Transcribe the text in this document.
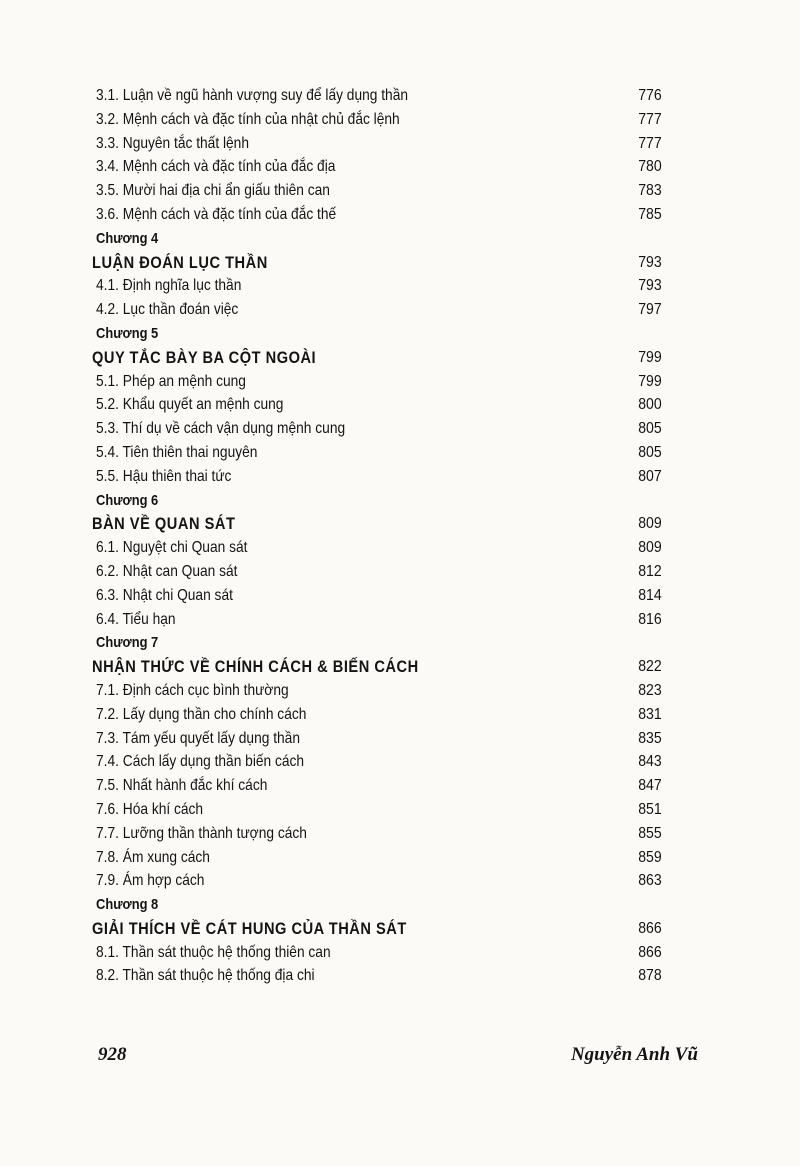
3.1. Luận về ngũ hành vượng suy để lấy dụng thần	776
3.2. Mệnh cách và đặc tính của nhật chủ đắc lệnh	777
3.3. Nguyên tắc thất lệnh	777
3.4. Mệnh cách và đặc tính của đắc địa	780
3.5. Mười hai địa chi ẩn giấu thiên can	783
3.6. Mệnh cách và đặc tính của đắc thế	785
Chương 4
LUẬN ĐOÁN LỤC THẦN	793
4.1. Định nghĩa lục thần	793
4.2. Lục thần đoán việc	797
Chương 5
QUY TẮC BÀY BA CỘT NGOÀI	799
5.1. Phép an mệnh cung	799
5.2. Khẩu quyết an mệnh cung	800
5.3. Thí dụ về cách vận dụng mệnh cung	805
5.4. Tiên thiên thai nguyên	805
5.5. Hậu thiên thai tức	807
Chương 6
BÀN VỀ QUAN SÁT	809
6.1. Nguyệt chi Quan sát	809
6.2. Nhật can Quan sát	812
6.3. Nhật chi Quan sát	814
6.4. Tiểu hạn	816
Chương 7
NHẬN THỨC VỀ CHÍNH CÁCH & BIẾN CÁCH	822
7.1. Định cách cục bình thường	823
7.2. Lấy dụng thần cho chính cách	831
7.3. Tám yếu quyết lấy dụng thần	835
7.4. Cách lấy dụng thần biến cách	843
7.5. Nhất hành đắc khí cách	847
7.6. Hóa khí cách	851
7.7. Lưỡng thần thành tượng cách	855
7.8. Ám xung cách	859
7.9. Ám hợp cách	863
Chương 8
GIẢI THÍCH VỀ CÁT HUNG CỦA THẦN SÁT	866
8.1. Thần sát thuộc hệ thống thiên can	866
8.2. Thần sát thuộc hệ thống địa chi	878
928	Nguyễn Anh Vũ
